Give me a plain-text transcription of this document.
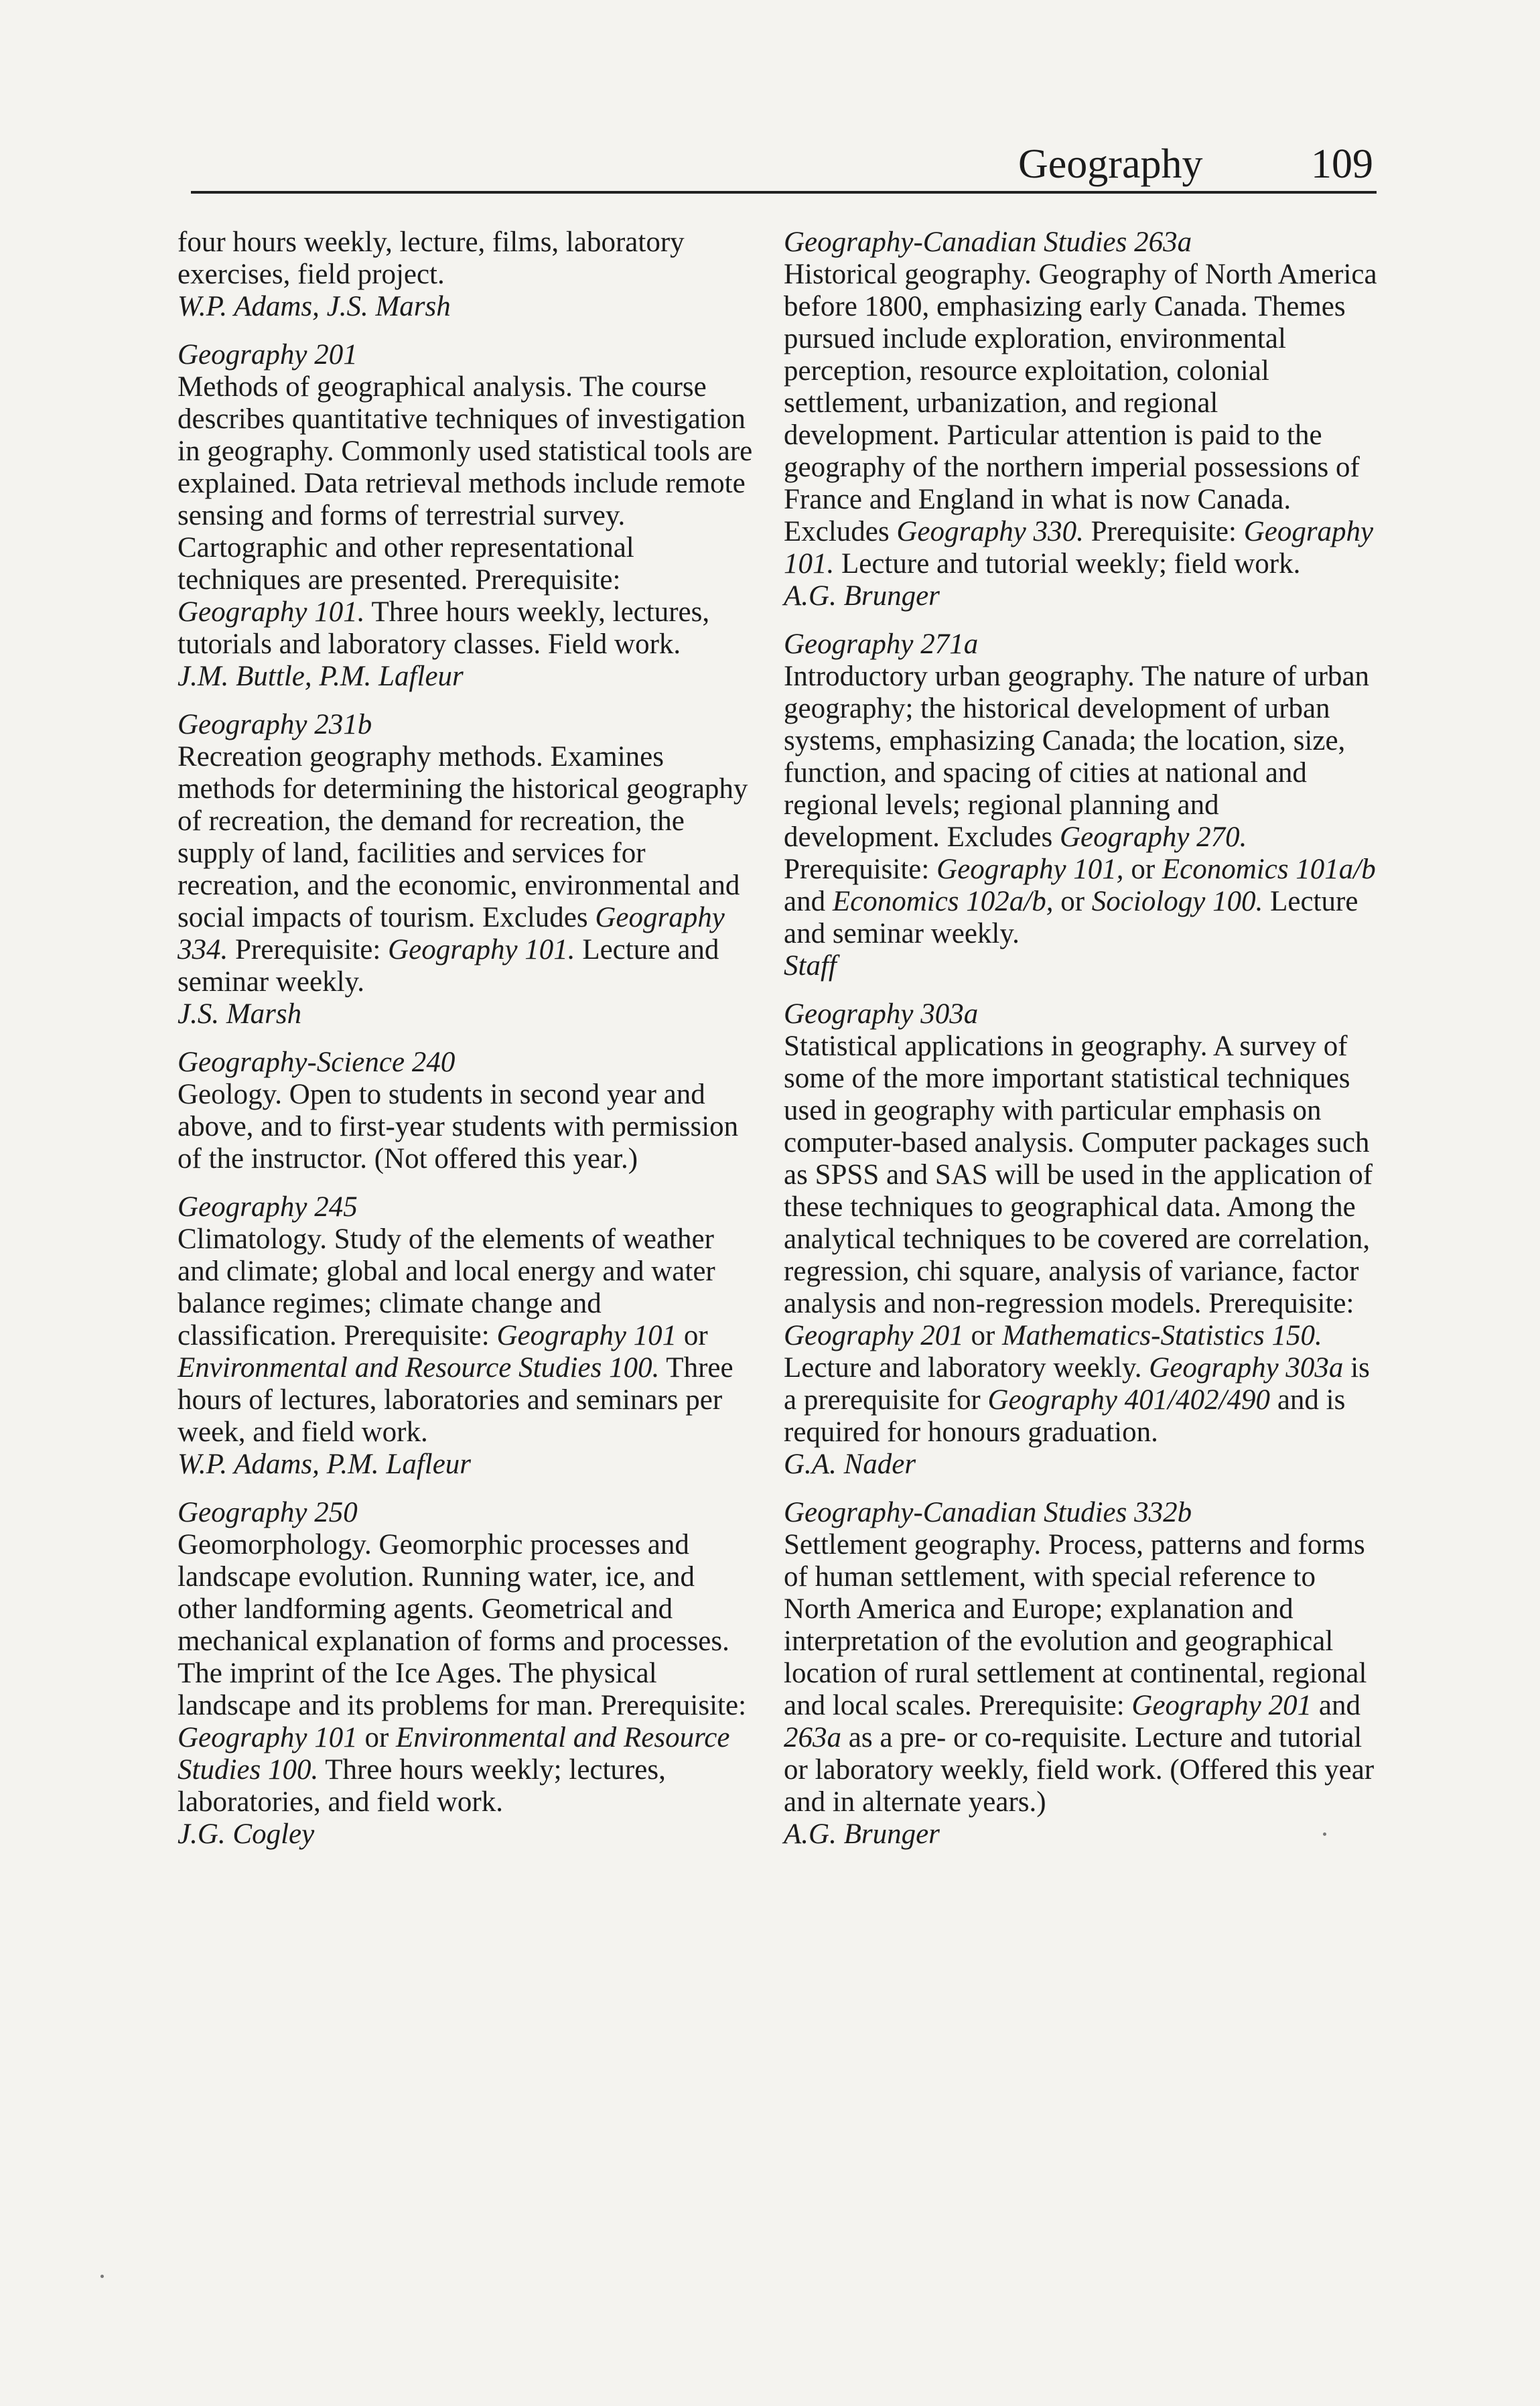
Geography	109

four hours weekly, lecture, films, laboratory exercises, field project.

W.P. Adams, J.S. Marsh

Geography 201

Methods of geographical analysis. The course describes quantitative techniques of investigation in geography. Commonly used statistical tools are explained. Data retrieval methods include remote sensing and forms of terrestrial survey. Cartographic and other representational techniques are presented. Prerequisite: Geography 101. Three hours weekly, lectures, tutorials and laboratory classes. Field work.

J.M. Buttle, P.M. Lafleur

Geography 231b

Recreation geography methods. Examines methods for determining the historical geography of recreation, the demand for recreation, the supply of land, facilities and services for recreation, and the economic, environmental and social impacts of tourism. Excludes Geography 334. Prerequisite: Geography 101. Lecture and seminar weekly.

J.S. Marsh

Geography-Science 240

Geology. Open to students in second year and above, and to first-year students with permission of the instructor. (Not offered this year.)

Geography 245

Climatology. Study of the elements of weather and climate; global and local energy and water balance regimes; climate change and classification. Prerequisite: Geography 101 or Environmental and Resource Studies 100. Three hours of lectures, laboratories and seminars per week, and field work.

W.P. Adams, P.M. Lafleur

Geography 250

Geomorphology. Geomorphic processes and landscape evolution. Running water, ice, and other landforming agents. Geometrical and mechanical explanation of forms and processes. The imprint of the Ice Ages. The physical landscape and its problems for man. Prerequisite: Geography 101 or Environmental and Resource Studies 100. Three hours weekly; lectures, laboratories, and field work.

J.G. Cogley

Geography-Canadian Studies 263a

Historical geography. Geography of North America before 1800, emphasizing early Canada. Themes pursued include exploration, environmental perception, resource exploitation, colonial settlement, urbanization, and regional development. Particular attention is paid to the geography of the northern imperial possessions of France and England in what is now Canada. Excludes Geography 330. Prerequisite: Geography 101. Lecture and tutorial weekly; field work.

A.G. Brunger

Geography 271a

Introductory urban geography. The nature of urban geography; the historical development of urban systems, emphasizing Canada; the location, size, function, and spacing of cities at national and regional levels; regional planning and development. Excludes Geography 270. Prerequisite: Geography 101, or Economics 101a/b and Economics 102a/b, or Sociology 100. Lecture and seminar weekly.

Staff

Geography 303a

Statistical applications in geography. A survey of some of the more important statistical techniques used in geography with particular emphasis on computer-based analysis. Computer packages such as SPSS and SAS will be used in the application of these techniques to geographical data. Among the analytical techniques to be covered are correlation, regression, chi square, analysis of variance, factor analysis and non-regression models. Prerequisite: Geography 201 or Mathematics-Statistics 150. Lecture and laboratory weekly. Geography 303a is a prerequisite for Geography 401/402/490 and is required for honours graduation.

G.A. Nader

Geography-Canadian Studies 332b

Settlement geography. Process, patterns and forms of human settlement, with special reference to North America and Europe; explanation and interpretation of the evolution and geographical location of rural settlement at continental, regional and local scales. Prerequisite: Geography 201 and 263a as a pre- or co-requisite. Lecture and tutorial or laboratory weekly, field work. (Offered this year and in alternate years.)

A.G. Brunger
